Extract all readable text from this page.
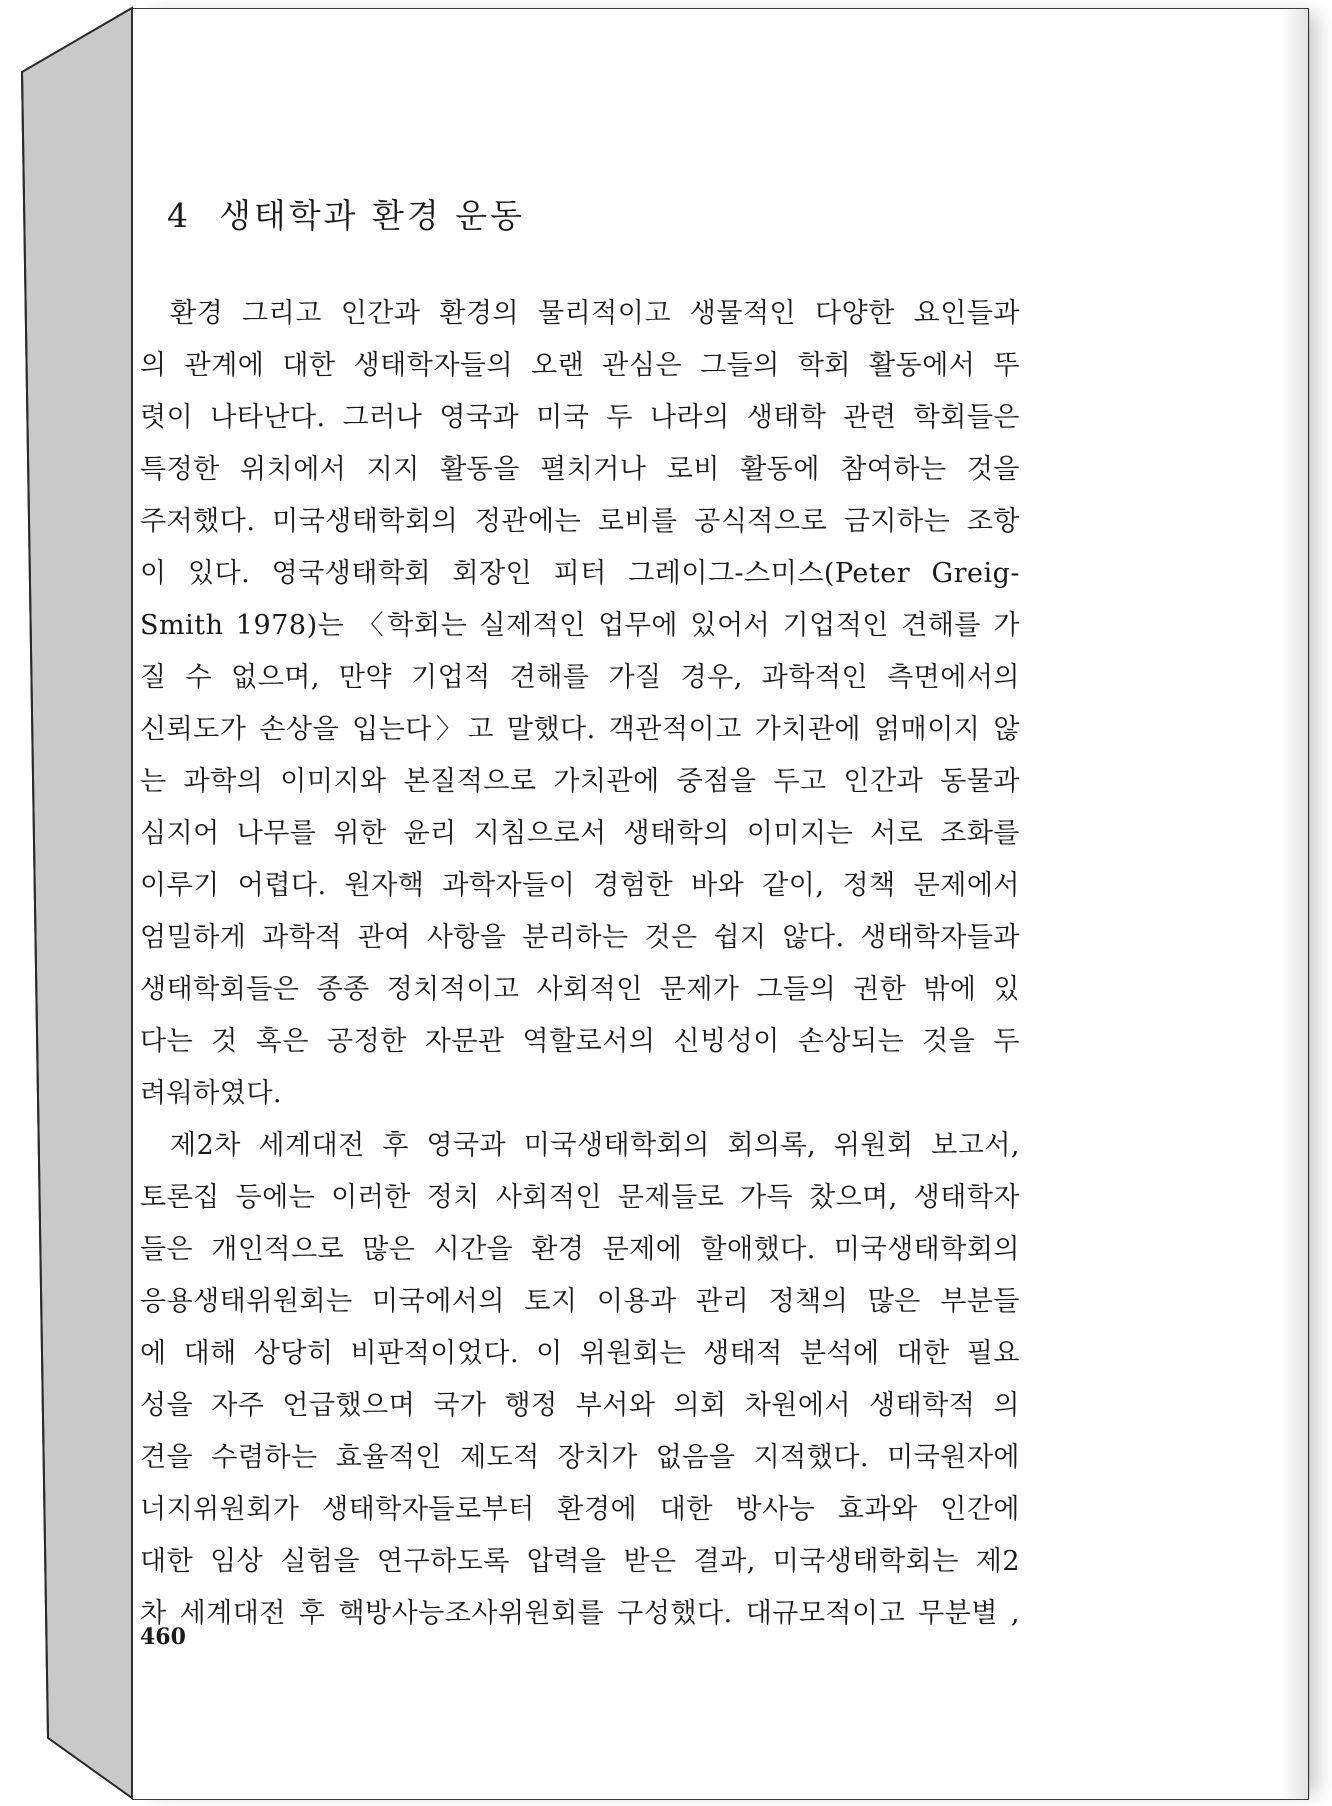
4 생태학과 환경 운동
환경 그리고 인간과 환경의 물리적이고 생물적인 다양한 요인들과
의 관계에 대한 생태학자들의 오랜 관심은 그들의 학회 활동에서 뚜
렷이 나타난다. 그러나 영국과 미국 두 나라의 생태학 관련 학회들은
특정한 위치에서 지지 활동을 펼치거나 로비 활동에 참여하는 것을
주저했다. 미국생태학회의 정관에는 로비를 공식적으로 금지하는 조항
이 있다. 영국생태학회 회장인 피터 그레이그-스미스(Peter Greig-
Smith 1978)는 〈학회는 실제적인 업무에 있어서 기업적인 견해를 가
질 수 없으며, 만약 기업적 견해를 가질 경우, 과학적인 측면에서의
신뢰도가 손상을 입는다〉고 말했다. 객관적이고 가치관에 얽매이지 않
는 과학의 이미지와 본질적으로 가치관에 중점을 두고 인간과 동물과
심지어 나무를 위한 윤리 지침으로서 생태학의 이미지는 서로 조화를
이루기 어렵다. 원자핵 과학자들이 경험한 바와 같이, 정책 문제에서
엄밀하게 과학적 관여 사항을 분리하는 것은 쉽지 않다. 생태학자들과
생태학회들은 종종 정치적이고 사회적인 문제가 그들의 권한 밖에 있
다는 것 혹은 공정한 자문관 역할로서의 신빙성이 손상되는 것을 두
려워하였다.
제2차 세계대전 후 영국과 미국생태학회의 회의록, 위원회 보고서,
토론집 등에는 이러한 정치 사회적인 문제들로 가득 찼으며, 생태학자
들은 개인적으로 많은 시간을 환경 문제에 할애했다. 미국생태학회의
응용생태위원회는 미국에서의 토지 이용과 관리 정책의 많은 부분들
에 대해 상당히 비판적이었다. 이 위원회는 생태적 분석에 대한 필요
성을 자주 언급했으며 국가 행정 부서와 의회 차원에서 생태학적 의
견을 수렴하는 효율적인 제도적 장치가 없음을 지적했다. 미국원자에
너지위원회가 생태학자들로부터 환경에 대한 방사능 효과와 인간에
대한 임상 실험을 연구하도록 압력을 받은 결과, 미국생태학회는 제2
차 세계대전 후 핵방사능조사위원회를 구성했다. 대규모적이고 무분별 ,

460
